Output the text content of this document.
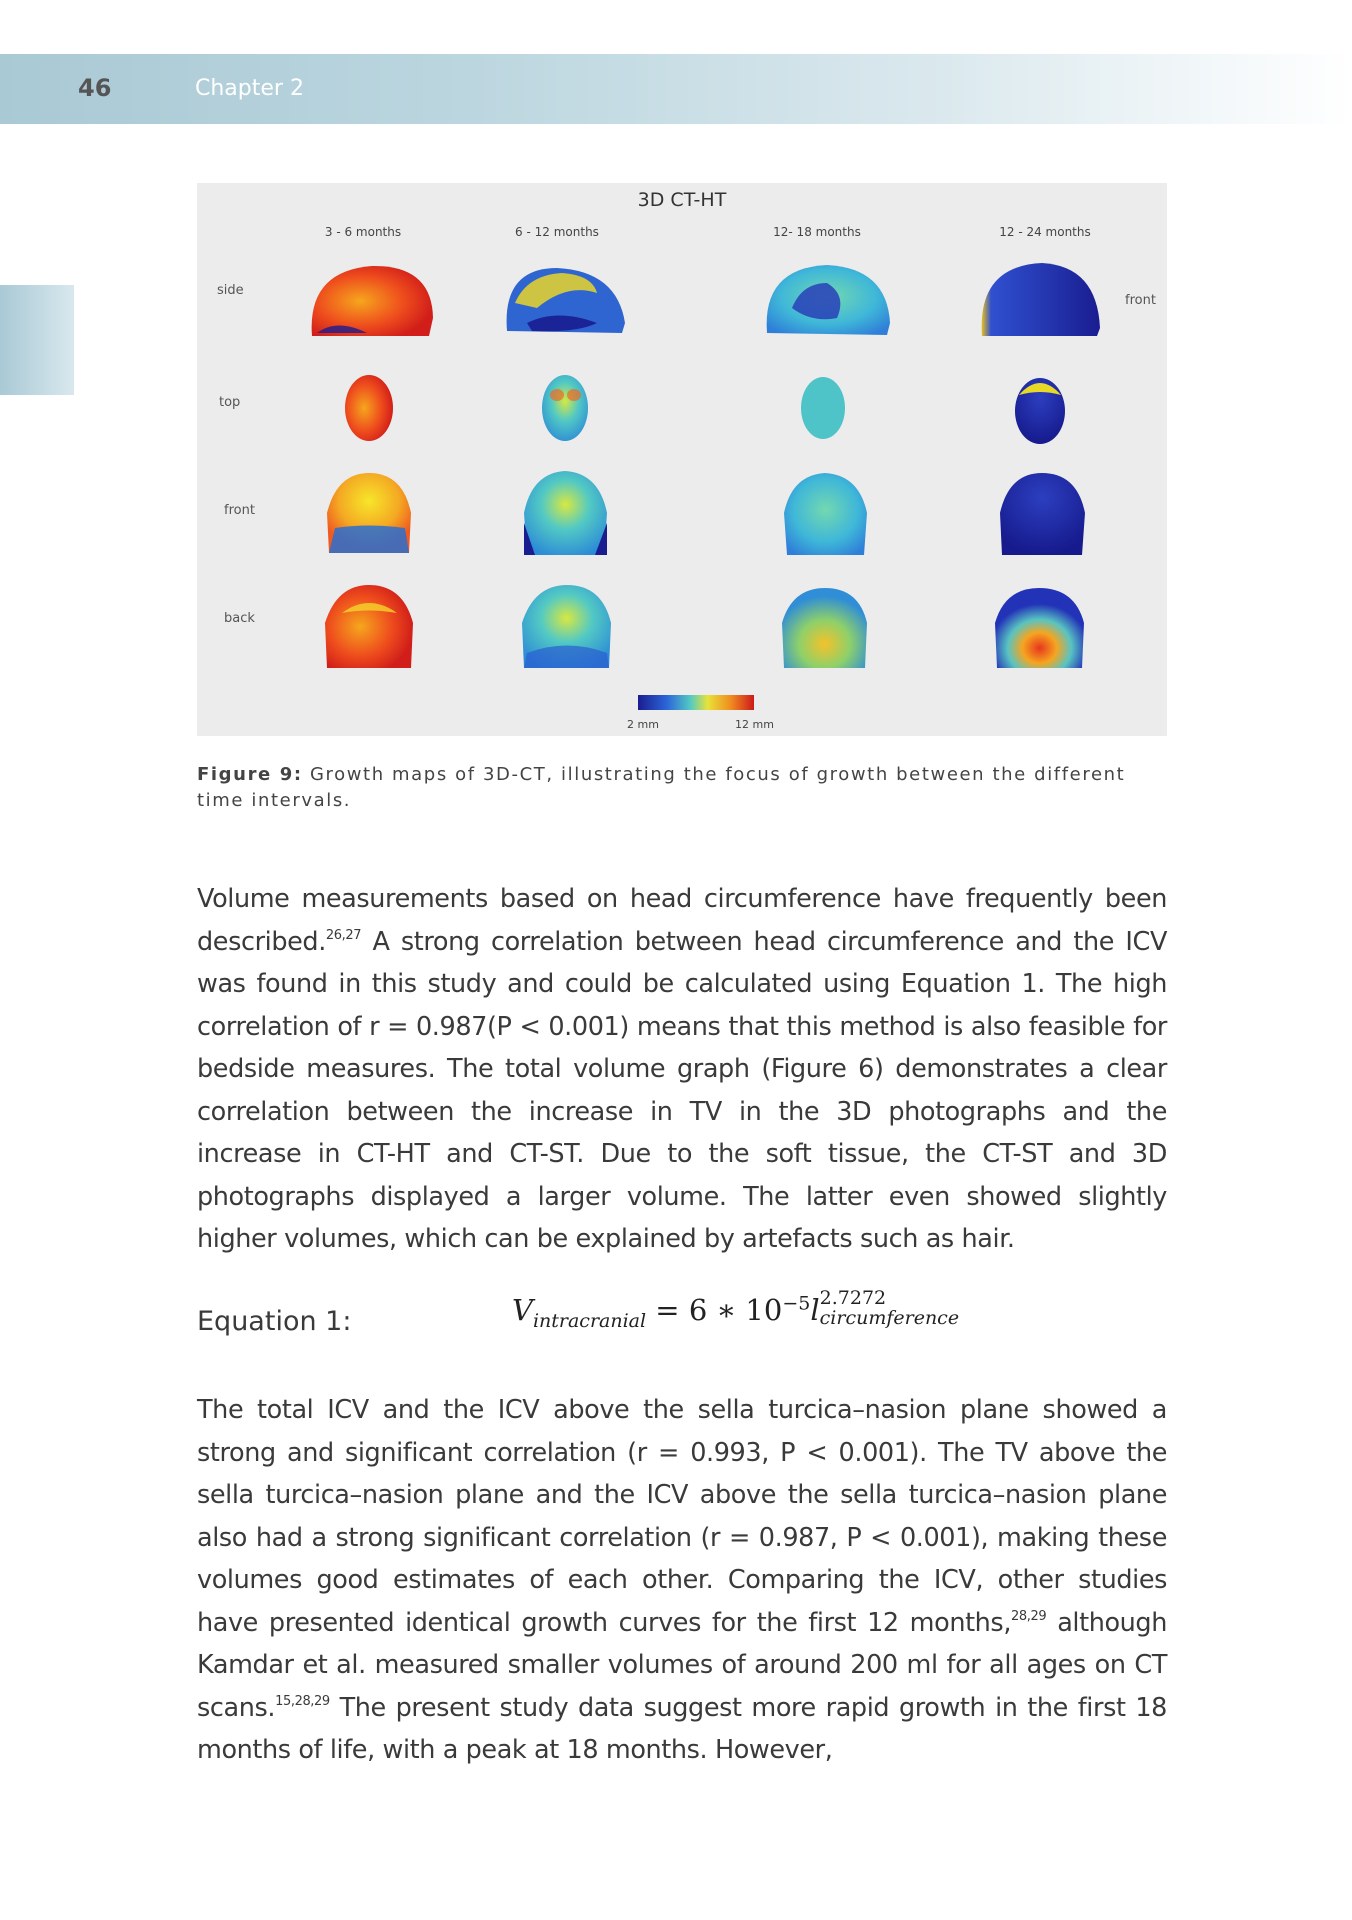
46	Chapter 2
3D CT-HT
3 - 6 months	6 - 12 months	12- 18 months	12 - 24 months
side
top
front
back
front
2 mm	12 mm
Figure 9: Growth maps of 3D-CT, illustrating the focus of growth between the different time intervals.
Volume measurements based on head circumference have frequently been described.$^{26,27}$ A strong correlation between head circumference and the ICV was found in this study and could be calculated using Equation 1. The high correlation of r = 0.987(P < 0.001) means that this method is also feasible for bedside measures. The total volume graph (Figure 6) demonstrates a clear correlation between the increase in TV in the 3D photographs and the increase in CT-HT and CT-ST. Due to the soft tissue, the CT-ST and 3D photographs displayed a larger volume. The latter even showed slightly higher volumes, which can be explained by artefacts such as hair.
Equation 1:	$V_{intracranial} = 6$ ∗ $10^{-5}l$ 2.7272
circumference
The total ICV and the ICV above the sella turcica–nasion plane showed a strong and significant correlation (r = 0.993, P < 0.001). The TV above the sella turcica–nasion plane and the ICV above the sella turcica–nasion plane also had a strong significant correlation (r = 0.987, P < 0.001), making these volumes good estimates of each other. Comparing the ICV, other studies have presented identical growth curves for the first 12 months,$^{28,29}$ although Kamdar et al. measured smaller volumes of around 200 ml for all ages on CT scans.$^{15,28,29}$ The present study data suggest more rapid growth in the first 18 months of life, with a peak at 18 months. However,
